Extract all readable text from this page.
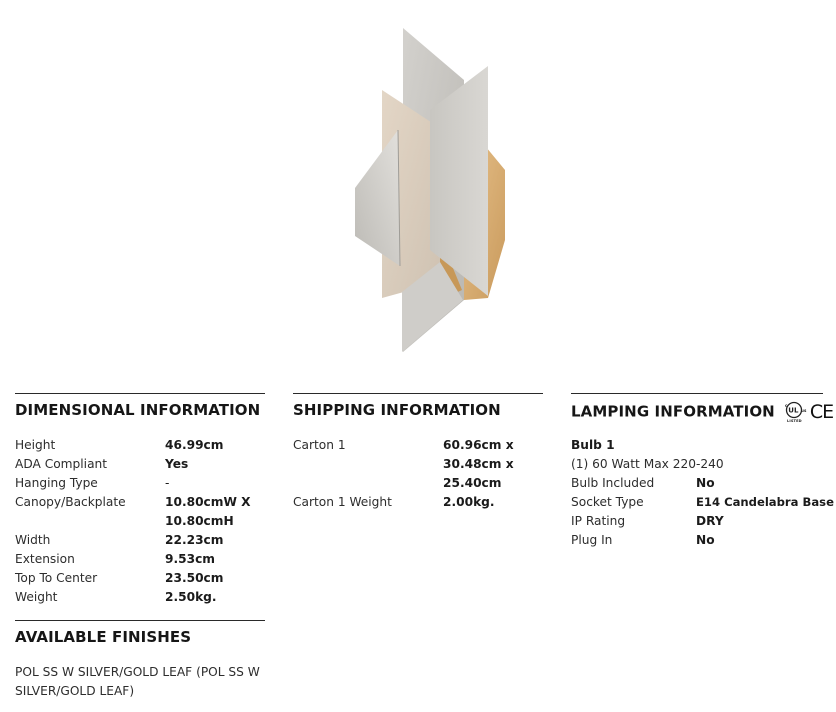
DIMENSIONAL INFORMATION
Height	46.99cm
ADA Compliant	Yes
Hanging Type	-
Canopy/Backplate	10.80cmW X 10.80cmH
Width	22.23cm
Extension	9.53cm
Top To Center	23.50cm
Weight	2.50kg.
AVAILABLE FINISHES
POL SS W SILVER/GOLD LEAF (POL SS W SILVER/GOLD LEAF)
SHIPPING INFORMATION
Carton 1	60.96cm x 30.48cm x 25.40cm
Carton 1 Weight	2.00kg.
LAMPING INFORMATION	c
UL us
LISTED CE
Bulb 1
(1) 60 Watt Max 220-240
Bulb Included	No
Socket Type	E14 Candelabra Base
IP Rating	DRY
Plug In	No
